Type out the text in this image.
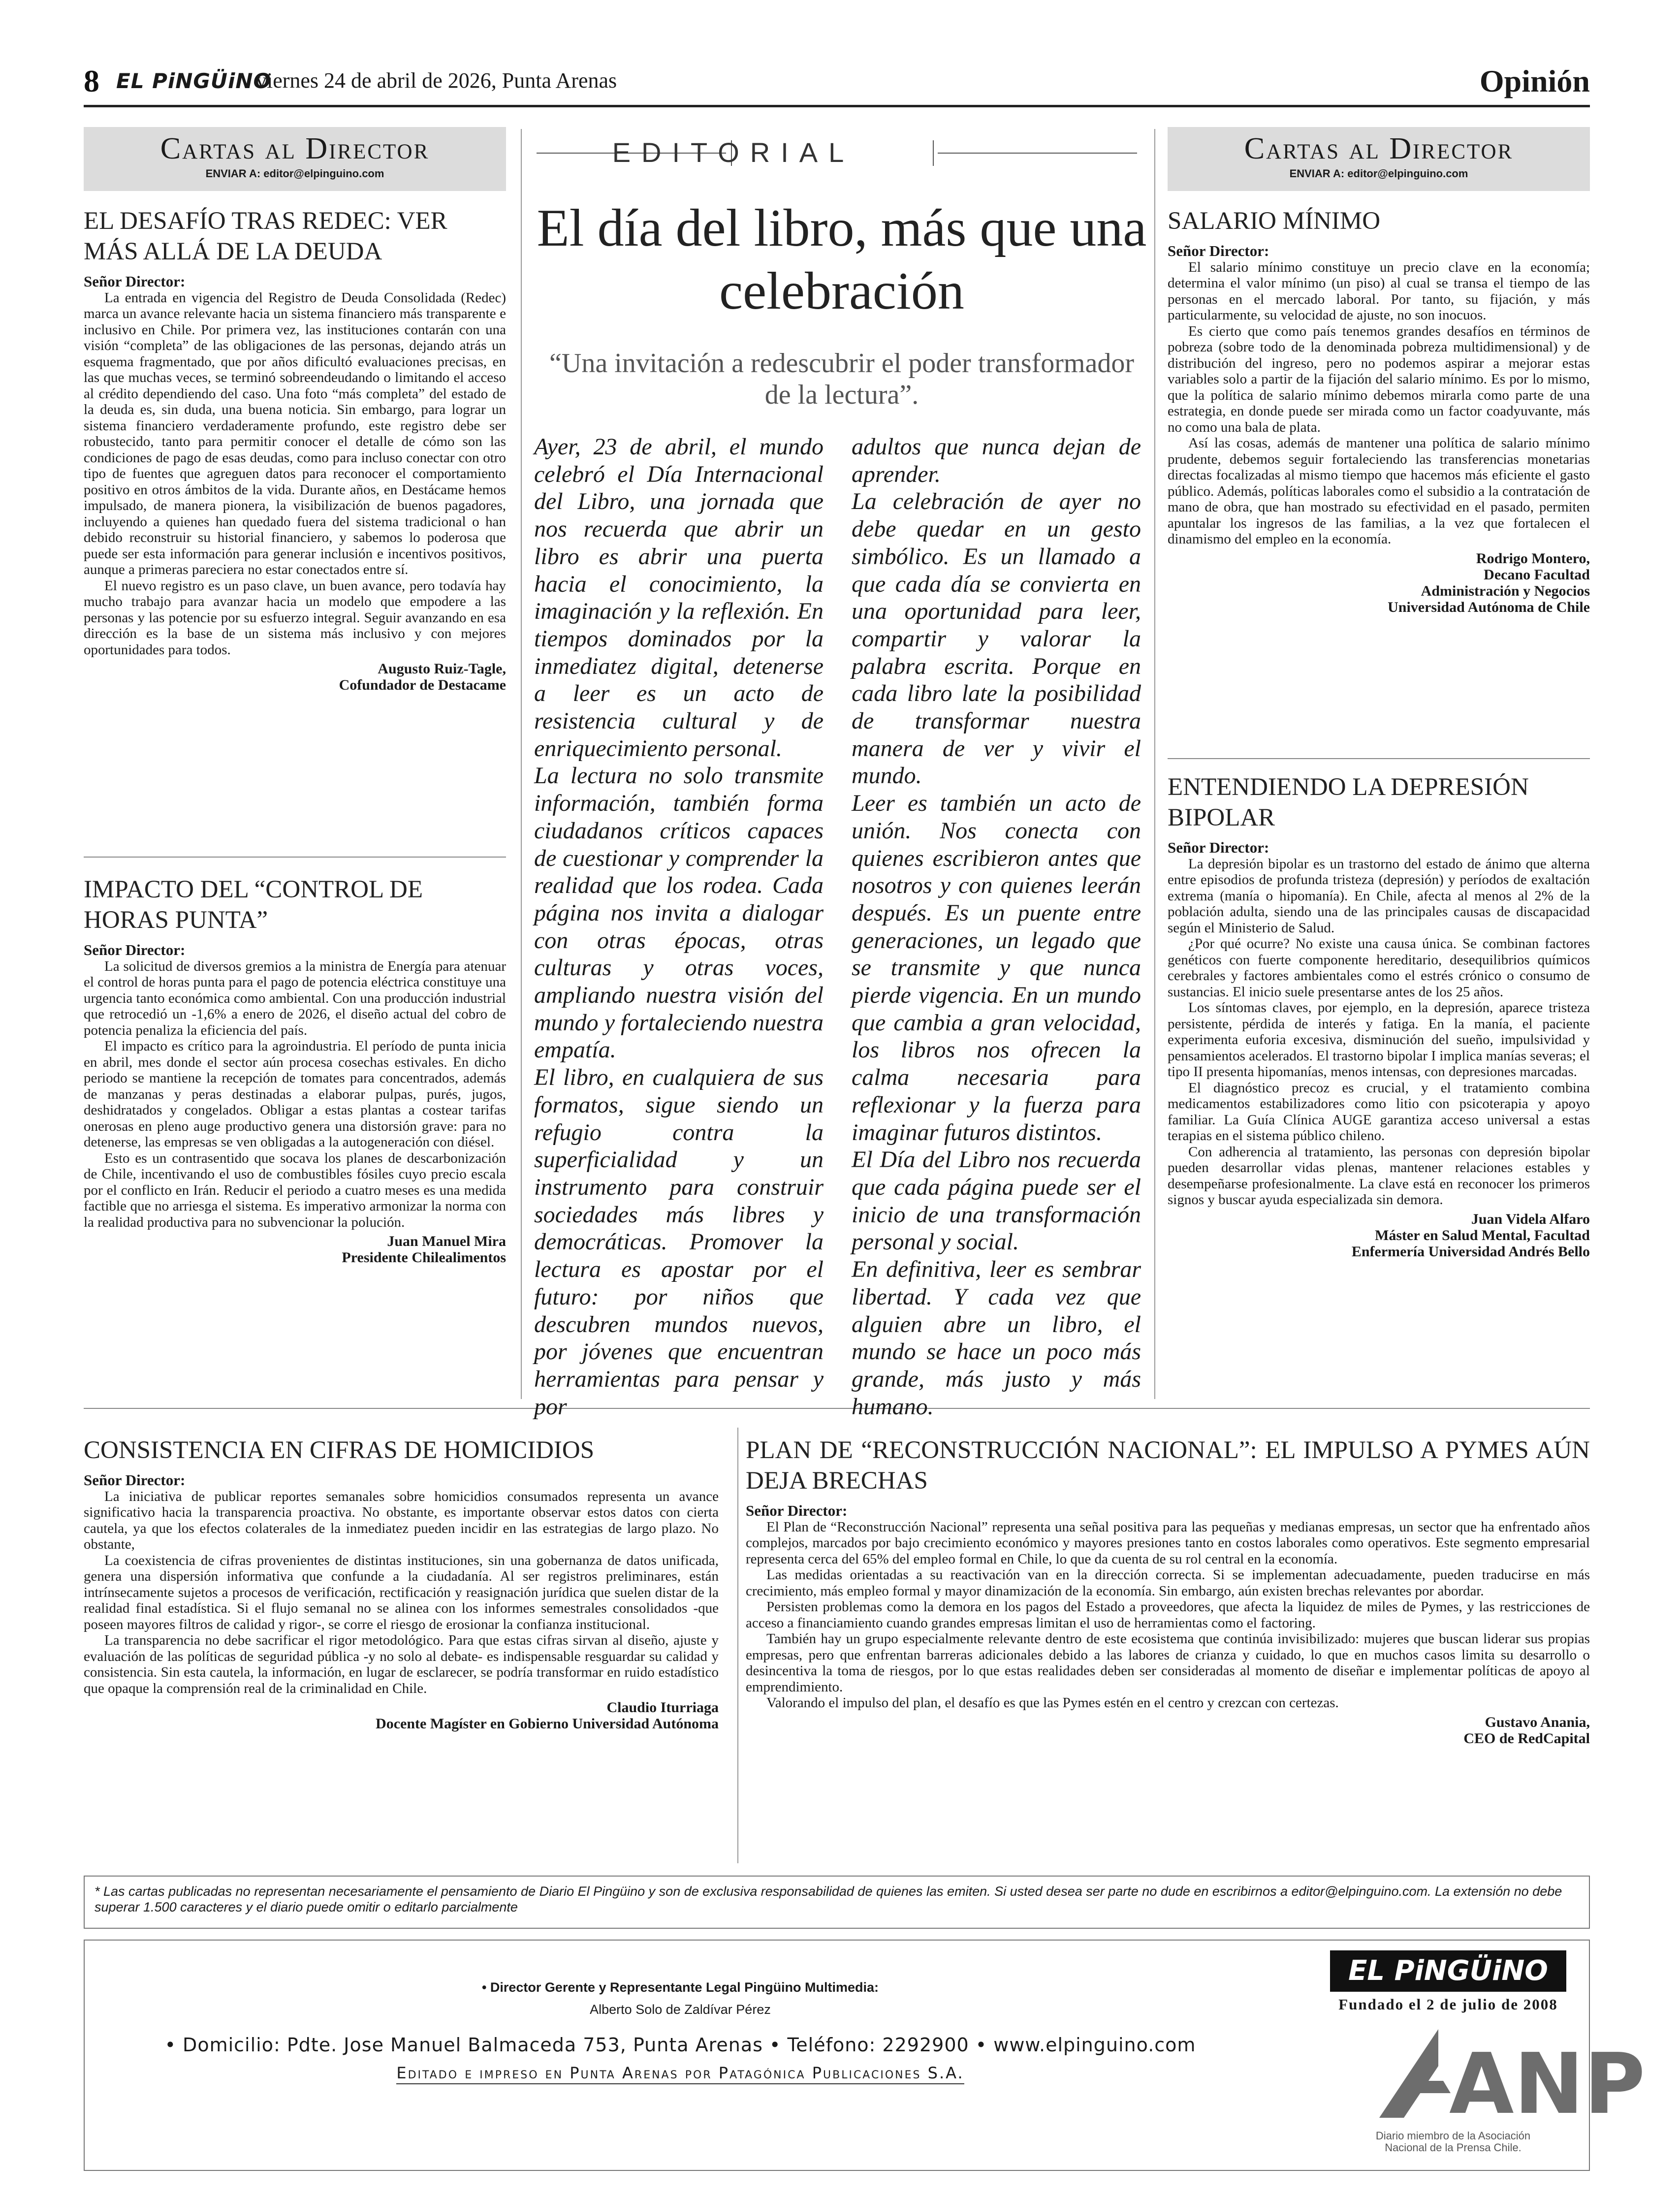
8 EL PiNGÜiNO
viernes 24 de abril de 2026, Punta Arenas	Opinión
Cartas al Director
ENVIAR A: editor@elpinguino.com
EL DESAFÍO TRAS REDEC: VER MÁS ALLÁ DE LA DEUDA

Señor Director:

La entrada en vigencia del Registro de Deuda Consolidada (Redec) marca un avance relevante hacia un sistema financiero más transparente e inclusivo en Chile. Por primera vez, las instituciones contarán con una visión “completa” de las obligaciones de las personas, dejando atrás un esquema fragmentado, que por años dificultó evaluaciones precisas, en las que muchas veces, se terminó sobreendeudando o limitando el acceso al crédito dependiendo del caso. Una foto “más completa” del estado de la deuda es, sin duda, una buena noticia. Sin embargo, para lograr un sistema financiero verdaderamente profundo, este registro debe ser robustecido, tanto para permitir conocer el detalle de cómo son las condiciones de pago de esas deudas, como para incluso conectar con otro tipo de fuentes que agreguen datos para reconocer el comportamiento positivo en otros ámbitos de la vida. Durante años, en Destácame hemos impulsado, de manera pionera, la visibilización de buenos pagadores, incluyendo a quienes han quedado fuera del sistema tradicional o han debido reconstruir su historial financiero, y sabemos lo poderosa que puede ser esta información para generar inclusión e incentivos positivos, aunque a primeras pareciera no estar conectados entre sí.

El nuevo registro es un paso clave, un buen avance, pero todavía hay mucho trabajo para avanzar hacia un modelo que empodere a las personas y las potencie por su esfuerzo integral. Seguir avanzando en esa dirección es la base de un sistema más inclusivo y con mejores oportunidades para todos.

Augusto Ruiz-Tagle,
Cofundador de Destacame
IMPACTO DEL “CONTROL DE HORAS PUNTA”

Señor Director:

La solicitud de diversos gremios a la ministra de Energía para atenuar el control de horas punta para el pago de potencia eléctrica constituye una urgencia tanto económica como ambiental. Con una producción industrial que retrocedió un -1,6% a enero de 2026, el diseño actual del cobro de potencia penaliza la eficiencia del país.

El impacto es crítico para la agroindustria. El período de punta inicia en abril, mes donde el sector aún procesa cosechas estivales. En dicho periodo se mantiene la recepción de tomates para concentrados, además de manzanas y peras destinadas a elaborar pulpas, purés, jugos, deshidratados y congelados. Obligar a estas plantas a costear tarifas onerosas en pleno auge productivo genera una distorsión grave: para no detenerse, las empresas se ven obligadas a la autogeneración con diésel.

Esto es un contrasentido que socava los planes de descarbonización de Chile, incentivando el uso de combustibles fósiles cuyo precio escala por el conflicto en Irán. Reducir el periodo a cuatro meses es una medida factible que no arriesga el sistema. Es imperativo armonizar la norma con la realidad productiva para no subvencionar la polución.

Juan Manuel Mira
Presidente Chilealimentos
EDITORIAL
El día del libro, más que una celebración
“Una invitación a redescubrir el poder transformador de la lectura”.

Ayer, 23 de abril, el mundo celebró el Día Internacional del Libro, una jornada que nos recuerda que abrir un libro es abrir una puerta hacia el conocimiento, la imaginación y la reflexión. En tiempos dominados por la inmediatez digital, detenerse a leer es un acto de resistencia cultural y de enriquecimiento personal.

La lectura no solo transmite información, también forma ciudadanos críticos capaces de cuestionar y comprender la realidad que los rodea. Cada página nos invita a dialogar con otras épocas, otras culturas y otras voces, ampliando nuestra visión del mundo y fortaleciendo nuestra empatía.

El libro, en cualquiera de sus formatos, sigue siendo un refugio contra la superficialidad y un instrumento para construir sociedades más libres y democráticas. Promover la lectura es apostar por el futuro: por niños que descubren mundos nuevos, por jóvenes que encuentran herramientas para pensar y por

adultos que nunca dejan de aprender.

La celebración de ayer no debe quedar en un gesto simbólico. Es un llamado a que cada día se convierta en una oportunidad para leer, compartir y valorar la palabra escrita. Porque en cada libro late la posibilidad de transformar nuestra manera de ver y vivir el mundo.

Leer es también un acto de unión. Nos conecta con quienes escribieron antes que nosotros y con quienes leerán después. Es un puente entre generaciones, un legado que se transmite y que nunca pierde vigencia. En un mundo que cambia a gran velocidad, los libros nos ofrecen la calma necesaria para reflexionar y la fuerza para imaginar futuros distintos.

El Día del Libro nos recuerda que cada página puede ser el inicio de una transformación personal y social.

En definitiva, leer es sembrar libertad. Y cada vez que alguien abre un libro, el mundo se hace un poco más grande, más justo y más humano.

Cartas al Director
ENVIAR A: editor@elpinguino.com
SALARIO MÍNIMO

Señor Director:

El salario mínimo constituye un precio clave en la economía; determina el valor mínimo (un piso) al cual se transa el tiempo de las personas en el mercado laboral. Por tanto, su fijación, y más particularmente, su velocidad de ajuste, no son inocuos.

Es cierto que como país tenemos grandes desafíos en términos de pobreza (sobre todo de la denominada pobreza multidimensional) y de distribución del ingreso, pero no podemos aspirar a mejorar estas variables solo a partir de la fijación del salario mínimo. Es por lo mismo, que la política de salario mínimo debemos mirarla como parte de una estrategia, en donde puede ser mirada como un factor coadyuvante, más no como una bala de plata.

Así las cosas, además de mantener una política de salario mínimo prudente, debemos seguir fortaleciendo las transferencias monetarias directas focalizadas al mismo tiempo que hacemos más eficiente el gasto público. Además, políticas laborales como el subsidio a la contratación de mano de obra, que han mostrado su efectividad en el pasado, permiten apuntalar los ingresos de las familias, a la vez que fortalecen el dinamismo del empleo en la economía.

Rodrigo Montero,
Decano Facultad
Administración y Negocios
Universidad Autónoma de Chile
ENTENDIENDO LA DEPRESIÓN BIPOLAR

Señor Director:

La depresión bipolar es un trastorno del estado de ánimo que alterna entre episodios de profunda tristeza (depresión) y períodos de exaltación extrema (manía o hipomanía). En Chile, afecta al menos al 2% de la población adulta, siendo una de las principales causas de discapacidad según el Ministerio de Salud.

¿Por qué ocurre? No existe una causa única. Se combinan factores genéticos con fuerte componente hereditario, desequilibrios químicos cerebrales y factores ambientales como el estrés crónico o consumo de sustancias. El inicio suele presentarse antes de los 25 años.

Los síntomas claves, por ejemplo, en la depresión, aparece tristeza persistente, pérdida de interés y fatiga. En la manía, el paciente experimenta euforia excesiva, disminución del sueño, impulsividad y pensamientos acelerados. El trastorno bipolar I implica manías severas; el tipo II presenta hipomanías, menos intensas, con depresiones marcadas.

El diagnóstico precoz es crucial, y el tratamiento combina medicamentos estabilizadores como litio con psicoterapia y apoyo familiar. La Guía Clínica AUGE garantiza acceso universal a estas terapias en el sistema público chileno.

Con adherencia al tratamiento, las personas con depresión bipolar pueden desarrollar vidas plenas, mantener relaciones estables y desempeñarse profesionalmente. La clave está en reconocer los primeros signos y buscar ayuda especializada sin demora.

Juan Videla Alfaro
Máster en Salud Mental, Facultad
Enfermería Universidad Andrés Bello
CONSISTENCIA EN CIFRAS DE HOMICIDIOS

Señor Director:

La iniciativa de publicar reportes semanales sobre homicidios consumados representa un avance significativo hacia la transparencia proactiva. No obstante, es importante observar estos datos con cierta cautela, ya que los efectos colaterales de la inmediatez pueden incidir en las estrategias de largo plazo. No obstante,

La coexistencia de cifras provenientes de distintas instituciones, sin una gobernanza de datos unificada, genera una dispersión informativa que confunde a la ciudadanía. Al ser registros preliminares, están intrínsecamente sujetos a procesos de verificación, rectificación y reasignación jurídica que suelen distar de la realidad final estadística. Si el flujo semanal no se alinea con los informes semestrales consolidados -que poseen mayores filtros de calidad y rigor-, se corre el riesgo de erosionar la confianza institucional.

La transparencia no debe sacrificar el rigor metodológico. Para que estas cifras sirvan al diseño, ajuste y evaluación de las políticas de seguridad pública -y no solo al debate- es indispensable resguardar su calidad y consistencia. Sin esta cautela, la información, en lugar de esclarecer, se podría transformar en ruido estadístico que opaque la comprensión real de la criminalidad en Chile.

Claudio Iturriaga
Docente Magíster en Gobierno Universidad Autónoma
PLAN DE “RECONSTRUCCIÓN NACIONAL”: EL IMPULSO A PYMES AÚN DEJA BRECHAS

Señor Director:

El Plan de “Reconstrucción Nacional” representa una señal positiva para las pequeñas y medianas empresas, un sector que ha enfrentado años complejos, marcados por bajo crecimiento económico y mayores presiones tanto en costos laborales como operativos. Este segmento empresarial representa cerca del 65% del empleo formal en Chile, lo que da cuenta de su rol central en la economía.

Las medidas orientadas a su reactivación van en la dirección correcta. Si se implementan adecuadamente, pueden traducirse en más crecimiento, más empleo formal y mayor dinamización de la economía. Sin embargo, aún existen brechas relevantes por abordar.

Persisten problemas como la demora en los pagos del Estado a proveedores, que afecta la liquidez de miles de Pymes, y las restricciones de acceso a financiamiento cuando grandes empresas limitan el uso de herramientas como el factoring.

También hay un grupo especialmente relevante dentro de este ecosistema que continúa invisibilizado: mujeres que buscan liderar sus propias empresas, pero que enfrentan barreras adicionales debido a las labores de crianza y cuidado, lo que en muchos casos limita su desarrollo o desincentiva la toma de riesgos, por lo que estas realidades deben ser consideradas al momento de diseñar e implementar políticas de apoyo al emprendimiento.

Valorando el impulso del plan, el desafío es que las Pymes estén en el centro y crezcan con certezas.

Gustavo Anania,
CEO de RedCapital
* Las cartas publicadas no representan necesariamente el pensamiento de Diario El Pingüino y son de exclusiva responsabilidad de quienes las emiten. Si usted desea ser parte no dude en escribirnos a editor@elpinguino.com. La extensión no debe superar 1.500 caracteres y el diario puede omitir o editarlo parcialmente
• Director Gerente y Representante Legal Pingüino Multimedia:
Alberto Solo de Zaldívar Pérez
• Domicilio: Pdte. Jose Manuel Balmaceda 753, Punta Arenas • Teléfono: 2292900 • www.elpinguino.com
Editado e impreso en Punta Arenas por Patagónica Publicaciones S.A.
EL PiNGÜiNO
Fundado el 2 de julio de 2008
ANP
Diario miembro de la Asociación Nacional de la Prensa Chile.
